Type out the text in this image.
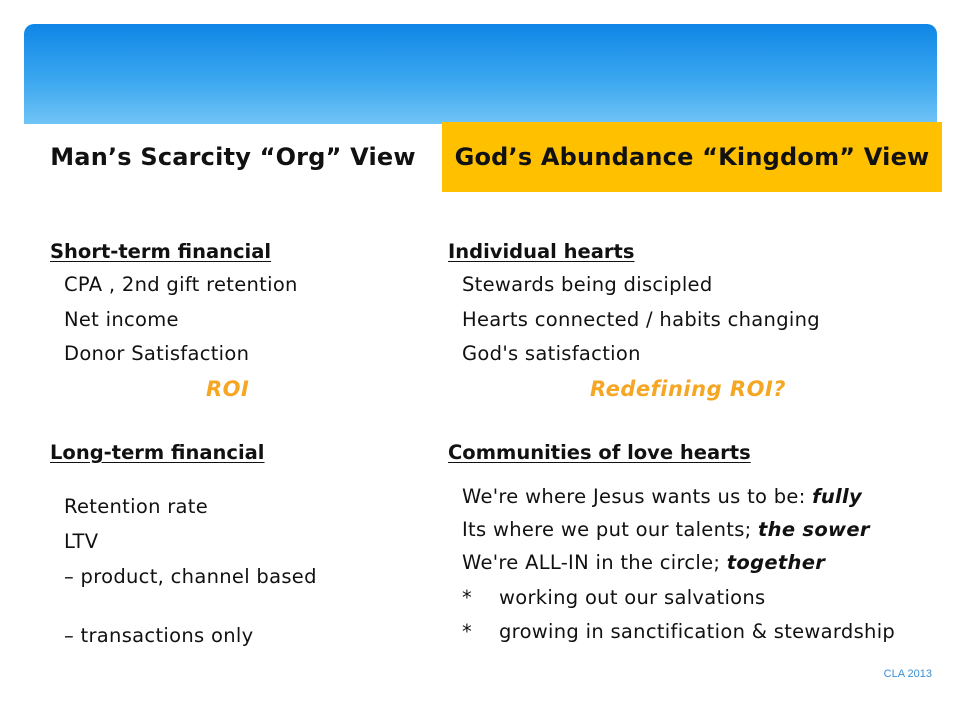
Man’s Scarcity “Org” View	God’s Abundance “Kingdom” View
Short-term financial
CPA , 2nd gift retention
Net income
Donor Satisfaction
ROI
Long-term financial
Retention rate
LTV
– product, channel based
– transactions only
Individual hearts
Stewards being discipled
Hearts connected / habits changing
God's satisfaction
Redefining ROI?
Communities of love hearts
We're where Jesus wants us to be: fully
Its where we put our talents; the sower
We're ALL-IN in the circle; together
* working out our salvations
* growing in sanctification & stewardship
CLA 2013
